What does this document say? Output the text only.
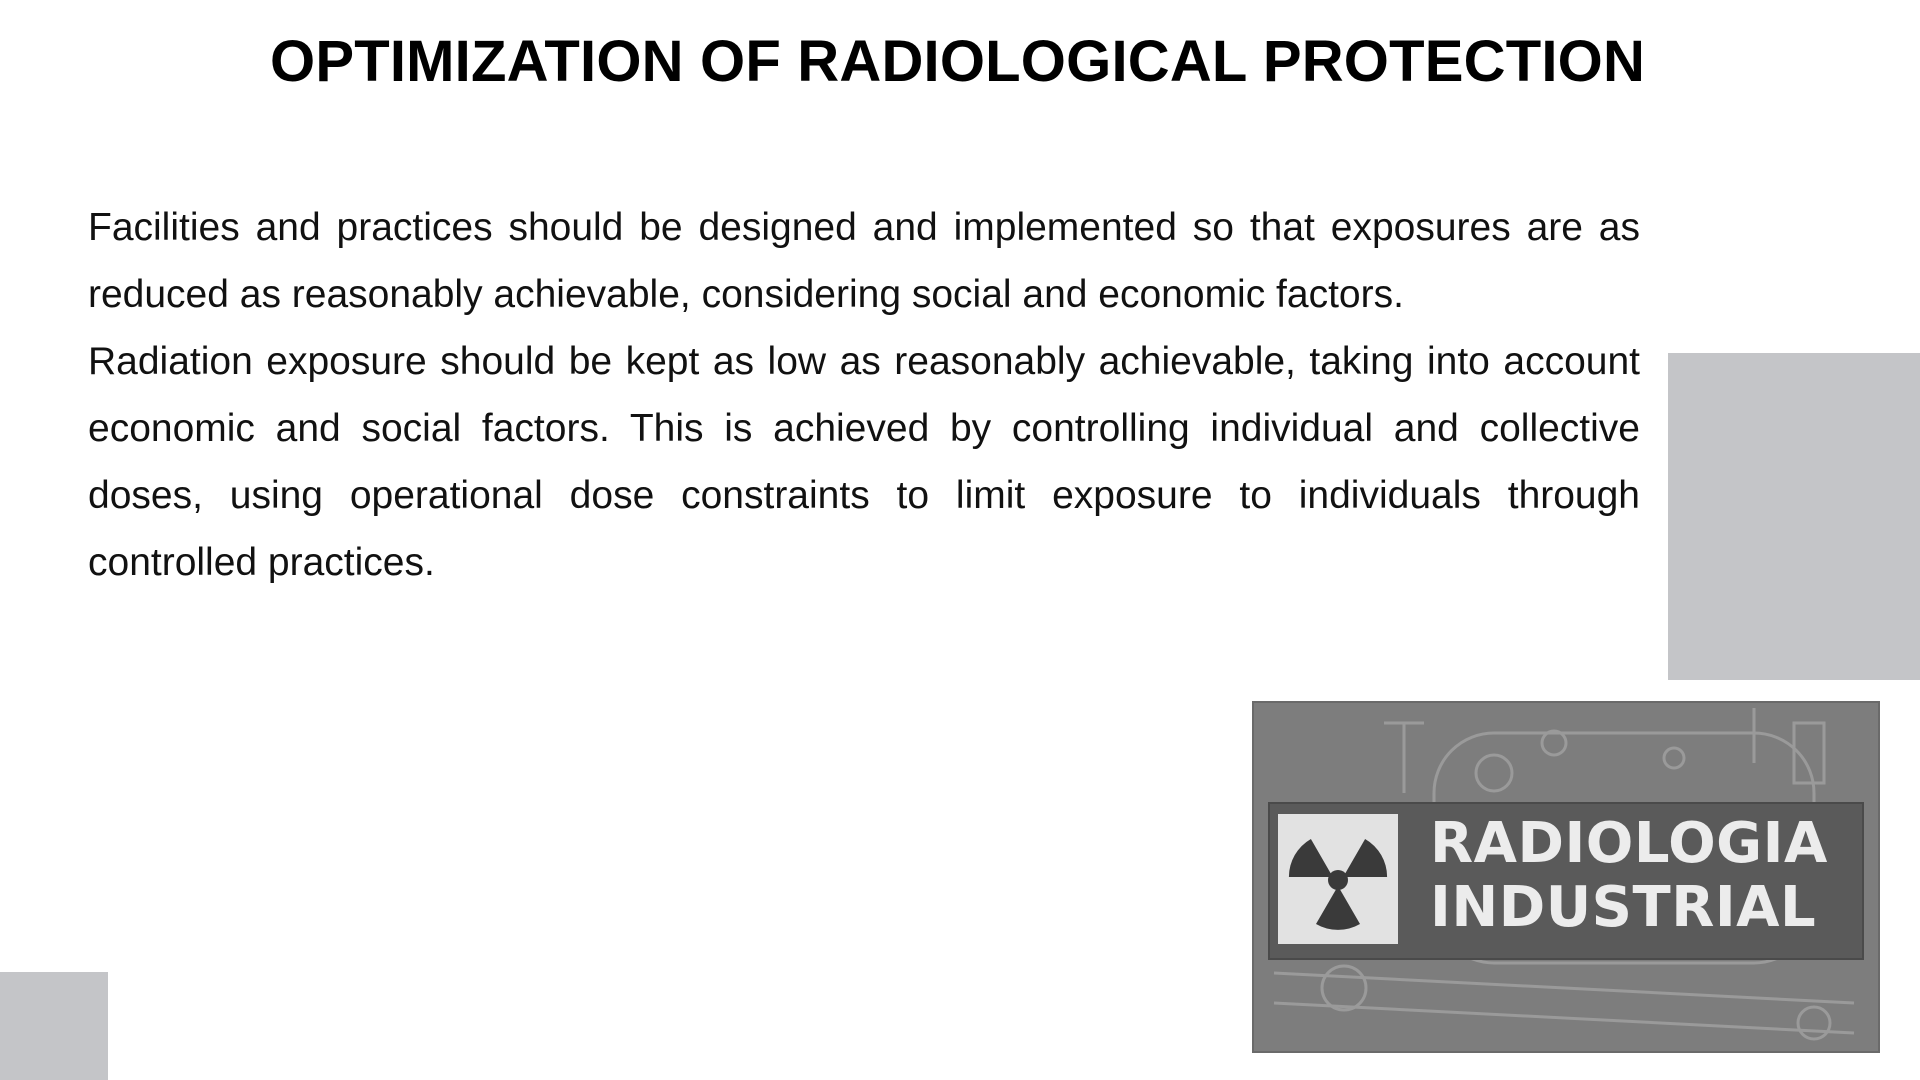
OPTIMIZATION OF RADIOLOGICAL PROTECTION

Facilities and practices should be designed and implemented so that exposures are as reduced as reasonably achievable, considering social and economic factors.

Radiation exposure should be kept as low as reasonably achievable, taking into account economic and social factors. This is achieved by controlling individual and collective doses, using operational dose constraints to limit exposure to individuals through controlled practices.

RADIOLOGIA
INDUSTRIAL
